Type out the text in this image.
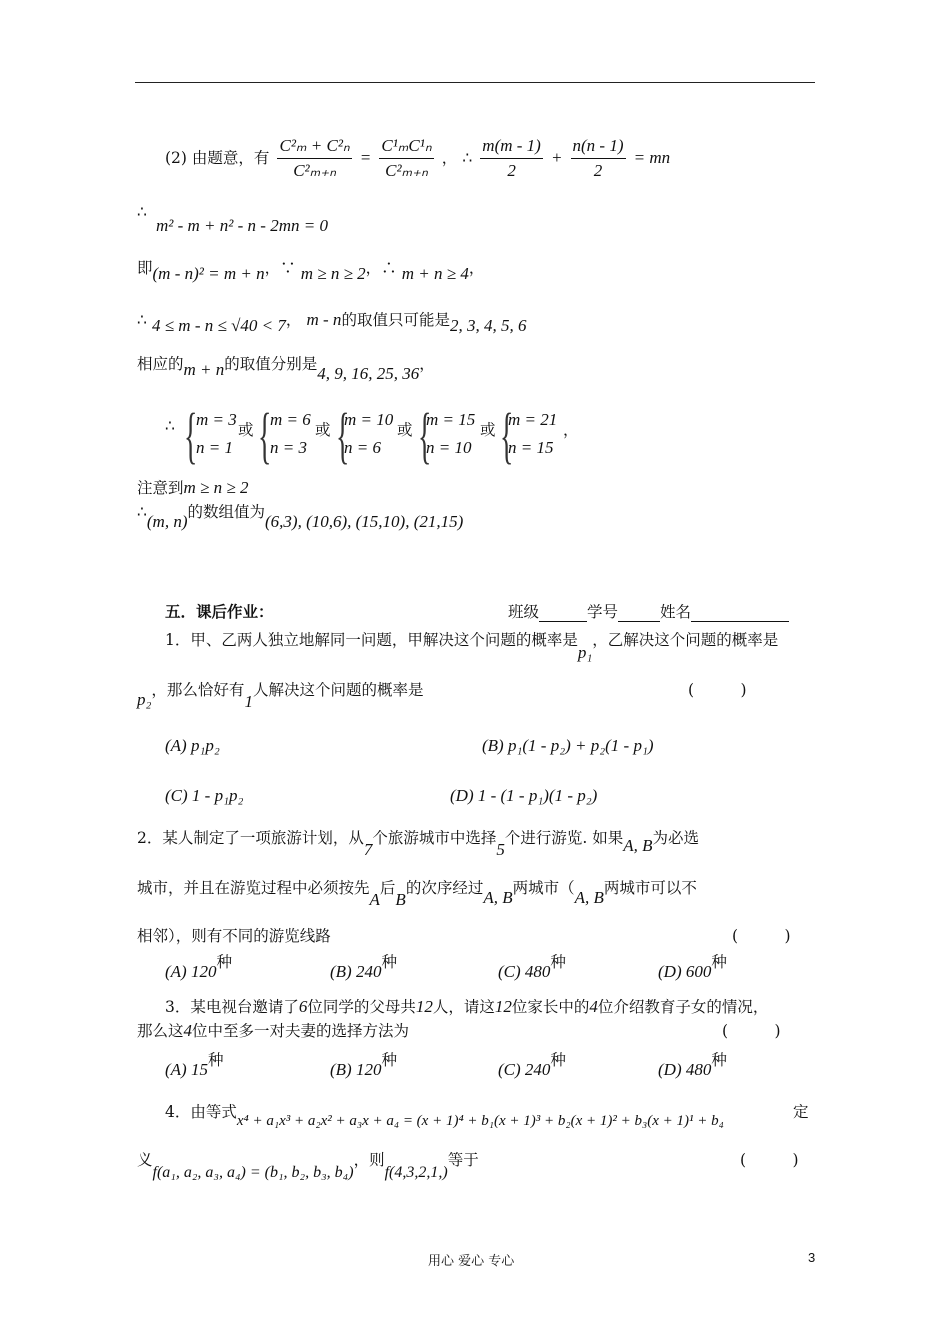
(2) 由题意，有 $\frac{\text{C²ₘ + C²ₙ}}{\text{C²ₘ₊ₙ}} = \frac{\text{C¹ₘC¹ₙ}}{\text{C²ₘ₊ₙ}}$ ， ∴ $\frac{m(m - 1)}{2} + \frac{n(n - 1)}{2}$ = mn
∴
m² - m + n² - n - 2mn = 0
即(m - n)² = m + n，∵ m ≥ n ≥ 2，∴ m + n ≥ 4，
∴ 4 ≤ m - n ≤ √40 < 7， m - n的取值只可能是2, 3, 4, 5, 6
相应的m + n的取值分别是4, 9, 16, 25, 36，
∴ {
m = 3
n = 1
或 {
m = 6
n = 3
或 {
m = 10
n = 6
或 {
m = 15
n = 10
或 {
m = 21
n = 15
，
注意到m ≥ n ≥ 2
∴(m, n)的数组值为(6,3), (10,6), (15,10), (21,15)
五．课后作业：	班级	学号	姓名
1．甲、乙两人独立地解同一问题，甲解决这个问题的概率是p₁，乙解决这个问题的概率是
p₂，那么恰好有1人解决这个问题的概率是	(　　　)
(A) p₁p₂	(B) p₁(1 - p₂) + p₂(1 - p₁)
(C) 1 - p₁p₂	(D) 1 - (1 - p₁)(1 - p₂)
2．某人制定了一项旅游计划，从7个旅游城市中选择5个进行游览. 如果A, B为必选
城市，并且在游览过程中必须按先A后B的次序经过A, B两城市（A, B两城市可以不
相邻），则有不同的游览线路	(　　　)
(A) 120种	(B) 240种	(C) 480种	(D) 600种
3．某电视台邀请了6位同学的父母共12人，请这12位家长中的4位介绍教育子女的情况，
那么这4位中至多一对夫妻的选择方法为	(　　　)
(A) 15种	(B) 120种	(C) 240种	(D) 480种
4．由等式x⁴ + a₁x³ + a₂x² + a₃x + a₄ = (x + 1)⁴ + b₁(x + 1)³ + b₂(x + 1)² + b₃(x + 1)¹ + b₄	定
义f(a₁, a₂, a₃, a₄) = (b₁, b₂, b₃, b₄)，则f(4,3,2,1,)等于	(　　　)
用心 爱心 专心	3
